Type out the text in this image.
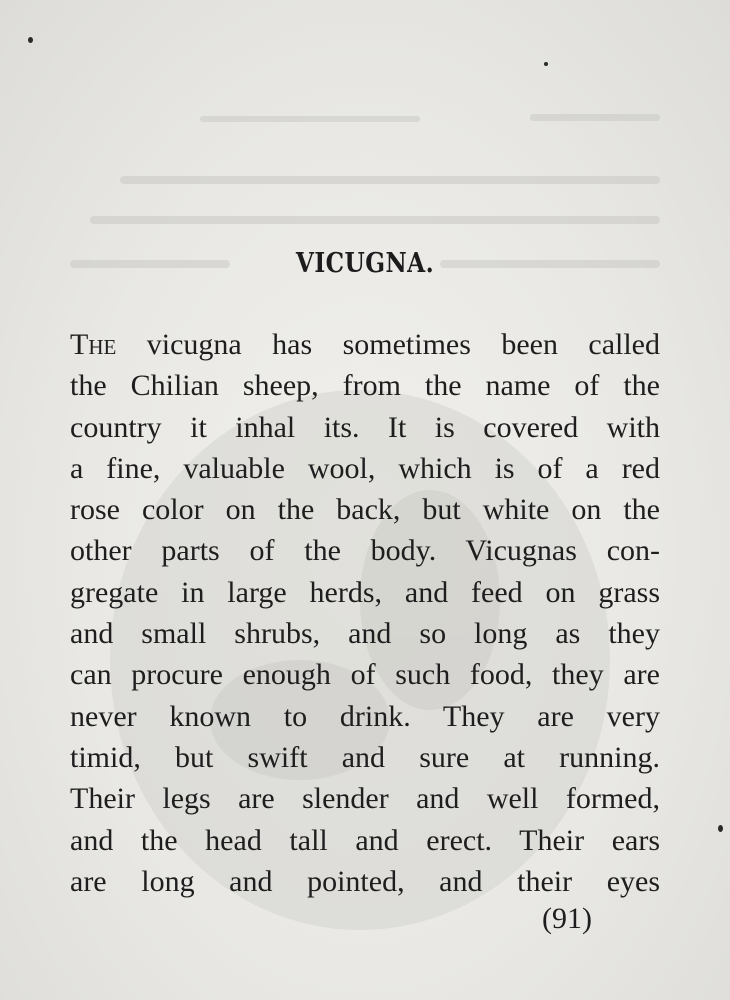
VICUGNA.
The vicugna has sometimes been called
the Chilian sheep, from the name of the
country it inhal its. It is covered with
a fine, valuable wool, which is of a red
rose color on the back, but white on the
other parts of the body. Vicugnas con-
gregate in large herds, and feed on grass
and small shrubs, and so long as they
can procure enough of such food, they are
never known to drink. They are very
timid, but swift and sure at running.
Their legs are slender and well formed,
and the head tall and erect. Their ears
are long and pointed, and their eyes
(91)
